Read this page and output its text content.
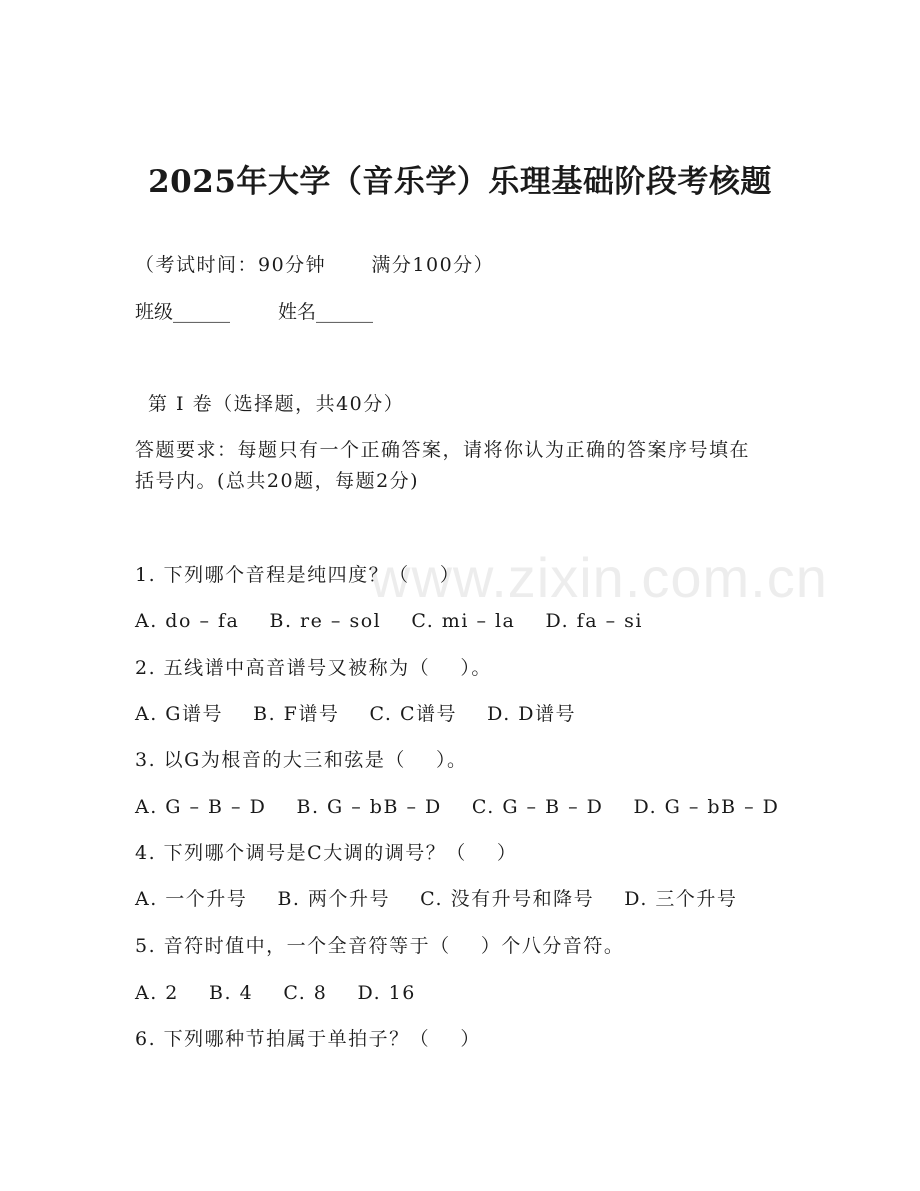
www.zixin.com.cn
2025年大学（音乐学）乐理基础阶段考核题
（考试时间：90分钟      满分100分）
班级______	姓名______
第 I 卷（选择题，共40分）
答题要求：每题只有一个正确答案，请将你认为正确的答案序号填在
括号内。(总共20题，每题2分)
1. 下列哪个音程是纯四度？（    ）
A. do – fa    B. re – sol    C. mi – la    D. fa – si
2. 五线谱中高音谱号又被称为（    ）。
A. G谱号    B. F谱号    C. C谱号    D. D谱号
3. 以G为根音的大三和弦是（    ）。
A. G – B – D    B. G – bB – D    C. G – B – D    D. G – bB – D
4. 下列哪个调号是C大调的调号？（    ）
A. 一个升号    B. 两个升号    C. 没有升号和降号    D. 三个升号
5. 音符时值中，一个全音符等于（    ）个八分音符。
A. 2    B. 4    C. 8    D. 16
6. 下列哪种节拍属于单拍子？（    ）
